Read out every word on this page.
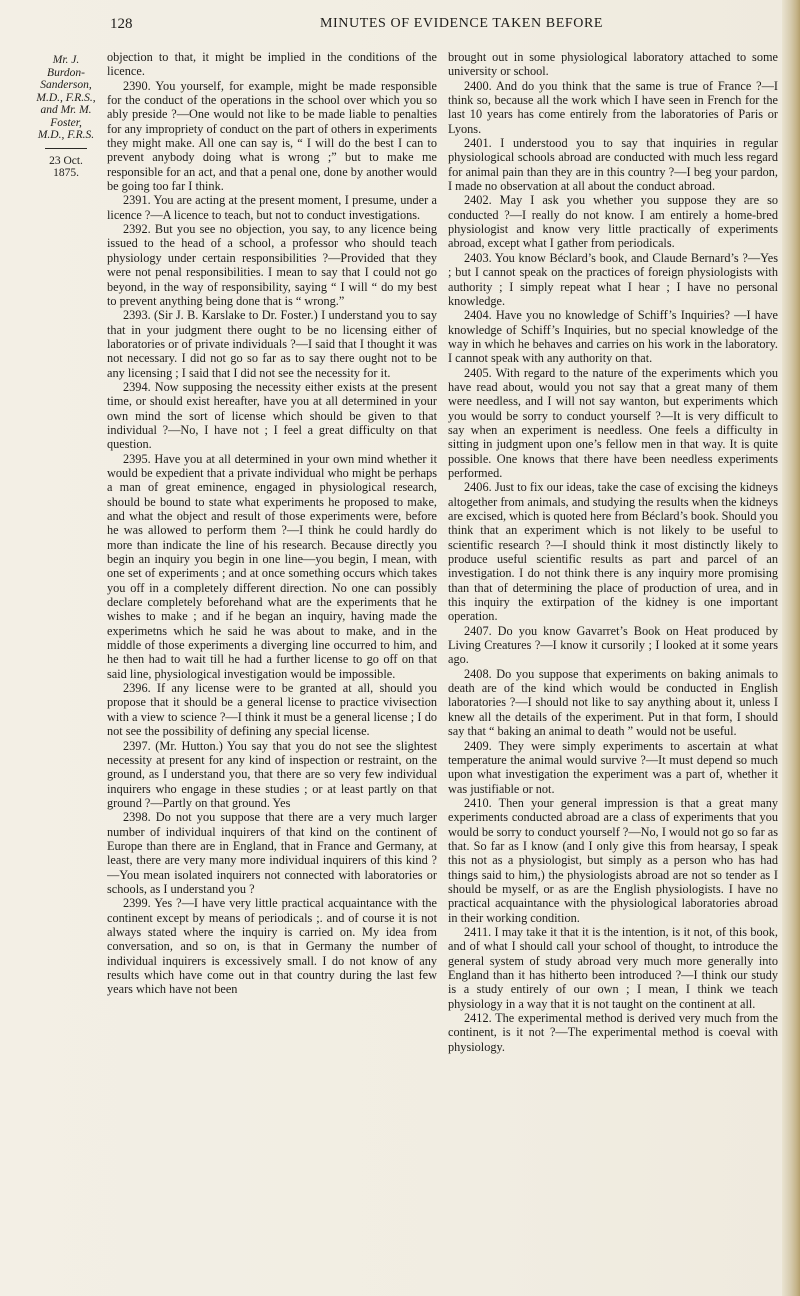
128	MINUTES OF EVIDENCE TAKEN BEFORE
Mr. J. Burdon-Sanderson, M.D., F.R.S., and Mr. M. Foster, M.D., F.R.S.
23 Oct. 1875.

objection to that, it might be implied in the conditions of the licence.

2390. You yourself, for example, might be made responsible for the conduct of the operations in the school over which you so ably preside ?—One would not like to be made liable to penalties for any impropriety of conduct on the part of others in experiments they might make. All one can say is, “ I will do the best I can to prevent anybody doing what is wrong ;” but to make me responsible for an act, and that a penal one, done by another would be going too far I think.

2391. You are acting at the present moment, I presume, under a licence ?—A licence to teach, but not to conduct investigations.

2392. But you see no objection, you say, to any licence being issued to the head of a school, a professor who should teach physiology under certain responsibilities ?—Provided that they were not penal responsibilities. I mean to say that I could not go beyond, in the way of responsibility, saying “ I will “ do my best to prevent anything being done that is “ wrong.”

2393. (Sir J. B. Karslake to Dr. Foster.) I understand you to say that in your judgment there ought to be no licensing either of laboratories or of private individuals ?—I said that I thought it was not necessary. I did not go so far as to say there ought not to be any licensing ; I said that I did not see the necessity for it.

2394. Now supposing the necessity either exists at the present time, or should exist hereafter, have you at all determined in your own mind the sort of license which should be given to that individual ?—No, I have not ; I feel a great difficulty on that question.

2395. Have you at all determined in your own mind whether it would be expedient that a private individual who might be perhaps a man of great eminence, engaged in physiological research, should be bound to state what experiments he proposed to make, and what the object and result of those experiments were, before he was allowed to perform them ?—I think he could hardly do more than indicate the line of his research. Because directly you begin an inquiry you begin in one line—you begin, I mean, with one set of experiments ; and at once something occurs which takes you off in a completely different direction. No one can possibly declare completely beforehand what are the experiments that he wishes to make ; and if he began an inquiry, having made the experimetns which he said he was about to make, and in the middle of those experiments a diverging line occurred to him, and he then had to wait till he had a further license to go off on that said line, physiological investigation would be impossible.

2396. If any license were to be granted at all, should you propose that it should be a general license to practice vivisection with a view to science ?—I think it must be a general license ; I do not see the possibility of defining any special license.

2397. (Mr. Hutton.) You say that you do not see the slightest necessity at present for any kind of inspection or restraint, on the ground, as I understand you, that there are so very few individual inquirers who engage in these studies ; or at least partly on that ground ?—Partly on that ground. Yes

2398. Do not you suppose that there are a very much larger number of individual inquirers of that kind on the continent of Europe than there are in England, that in France and Germany, at least, there are very many more individual inquirers of this kind ? —You mean isolated inquirers not connected with laboratories or schools, as I understand you ?

2399. Yes ?—I have very little practical acquaintance with the continent except by means of periodicals ;. and of course it is not always stated where the inquiry is carried on. My idea from conversation, and so on, is that in Germany the number of individual inquirers is excessively small. I do not know of any results which have come out in that country during the last few years which have not been

brought out in some physiological laboratory attached to some university or school.

2400. And do you think that the same is true of France ?—I think so, because all the work which I have seen in French for the last 10 years has come entirely from the laboratories of Paris or Lyons.

2401. I understood you to say that inquiries in regular physiological schools abroad are conducted with much less regard for animal pain than they are in this country ?—I beg your pardon, I made no observation at all about the conduct abroad.

2402. May I ask you whether you suppose they are so conducted ?—I really do not know. I am entirely a home-bred physiologist and know very little practically of experiments abroad, except what I gather from periodicals.

2403. You know Béclard’s book, and Claude Bernard’s ?—Yes ; but I cannot speak on the practices of foreign physiologists with authority ; I simply repeat what I hear ; I have no personal knowledge.

2404. Have you no knowledge of Schiff’s Inquiries? —I have knowledge of Schiff’s Inquiries, but no special knowledge of the way in which he behaves and carries on his work in the laboratory. I cannot speak with any authority on that.

2405. With regard to the nature of the experiments which you have read about, would you not say that a great many of them were needless, and I will not say wanton, but experiments which you would be sorry to conduct yourself ?—It is very difficult to say when an experiment is needless. One feels a difficulty in sitting in judgment upon one’s fellow men in that way. It is quite possible. One knows that there have been needless experiments performed.

2406. Just to fix our ideas, take the case of excising the kidneys altogether from animals, and studying the results when the kidneys are excised, which is quoted here from Béclard’s book. Should you think that an experiment which is not likely to be useful to scientific research ?—I should think it most distinctly likely to produce useful scientific results as part and parcel of an investigation. I do not think there is any inquiry more promising than that of determining the place of production of urea, and in this inquiry the extirpation of the kidney is one important operation.

2407. Do you know Gavarret’s Book on Heat produced by Living Creatures ?—I know it cursorily ; I looked at it some years ago.

2408. Do you suppose that experiments on baking animals to death are of the kind which would be conducted in English laboratories ?—I should not like to say anything about it, unless I knew all the details of the experiment. Put in that form, I should say that “ baking an animal to death ” would not be useful.

2409. They were simply experiments to ascertain at what temperature the animal would survive ?—It must depend so much upon what investigation the experiment was a part of, whether it was justifiable or not.

2410. Then your general impression is that a great many experiments conducted abroad are a class of experiments that you would be sorry to conduct yourself ?—No, I would not go so far as that. So far as I know (and I only give this from hearsay, I speak this not as a physiologist, but simply as a person who has had things said to him,) the physiologists abroad are not so tender as I should be myself, or as are the English physiologists. I have no practical acquaintance with the physiological laboratories abroad in their working condition.

2411. I may take it that it is the intention, is it not, of this book, and of what I should call your school of thought, to introduce the general system of study abroad very much more generally into England than it has hitherto been introduced ?—I think our study is a study entirely of our own ; I mean, I think we teach physiology in a way that it is not taught on the continent at all.

2412. The experimental method is derived very much from the continent, is it not ?—The experimental method is coeval with physiology.
